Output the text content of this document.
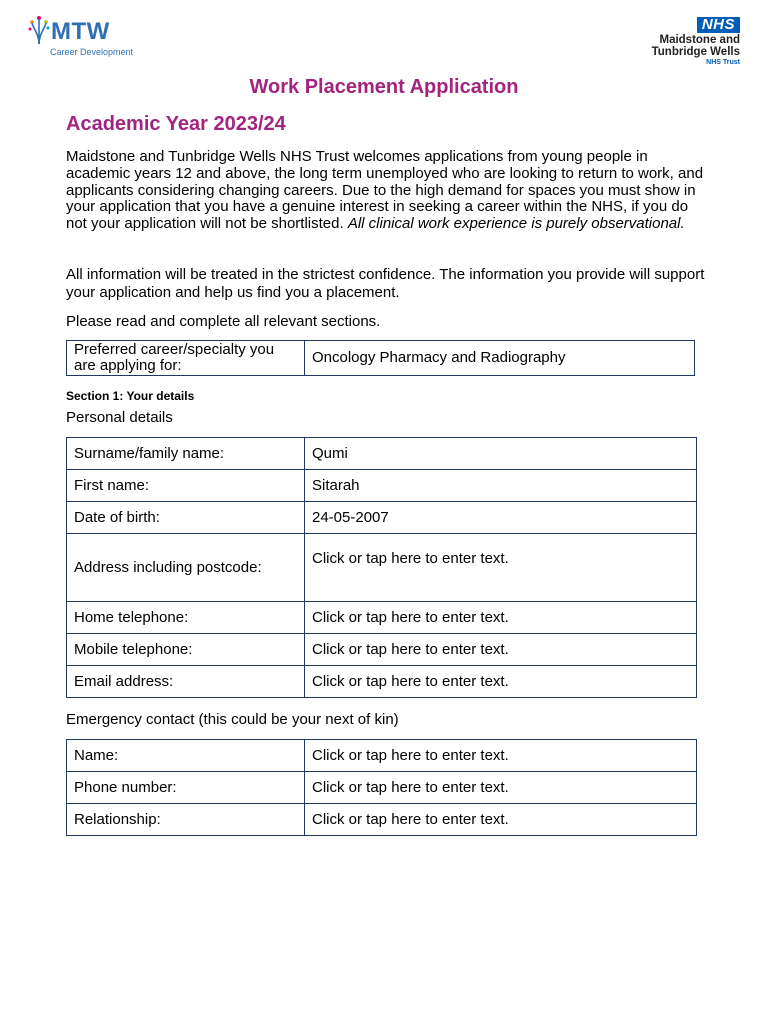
MTW
Career Development
NHS
Maidstone and
Tunbridge Wells
NHS Trust
Work Placement Application
Academic Year 2023/24
Maidstone and Tunbridge Wells NHS Trust welcomes applications from young people in academic years 12 and above, the long term unemployed who are looking to return to work, and applicants considering changing careers. Due to the high demand for spaces you must show in your application that you have a genuine interest in seeking a career within the NHS, if you do not your application will not be shortlisted. All clinical work experience is purely observational.
All information will be treated in the strictest confidence. The information you provide will support your application and help us find you a placement.
Please read and complete all relevant sections.
Preferred career/specialty you are applying for:	Oncology Pharmacy and Radiography
Section 1: Your details
Personal details
Surname/family name:	Qumi
First name:	Sitarah
Date of birth:	24-05-2007
Address including postcode:	Click or tap here to enter text.
Home telephone:	Click or tap here to enter text.
Mobile telephone:	Click or tap here to enter text.
Email address:	Click or tap here to enter text.
Emergency contact (this could be your next of kin)
Name:	Click or tap here to enter text.
Phone number:	Click or tap here to enter text.
Relationship:	Click or tap here to enter text.
